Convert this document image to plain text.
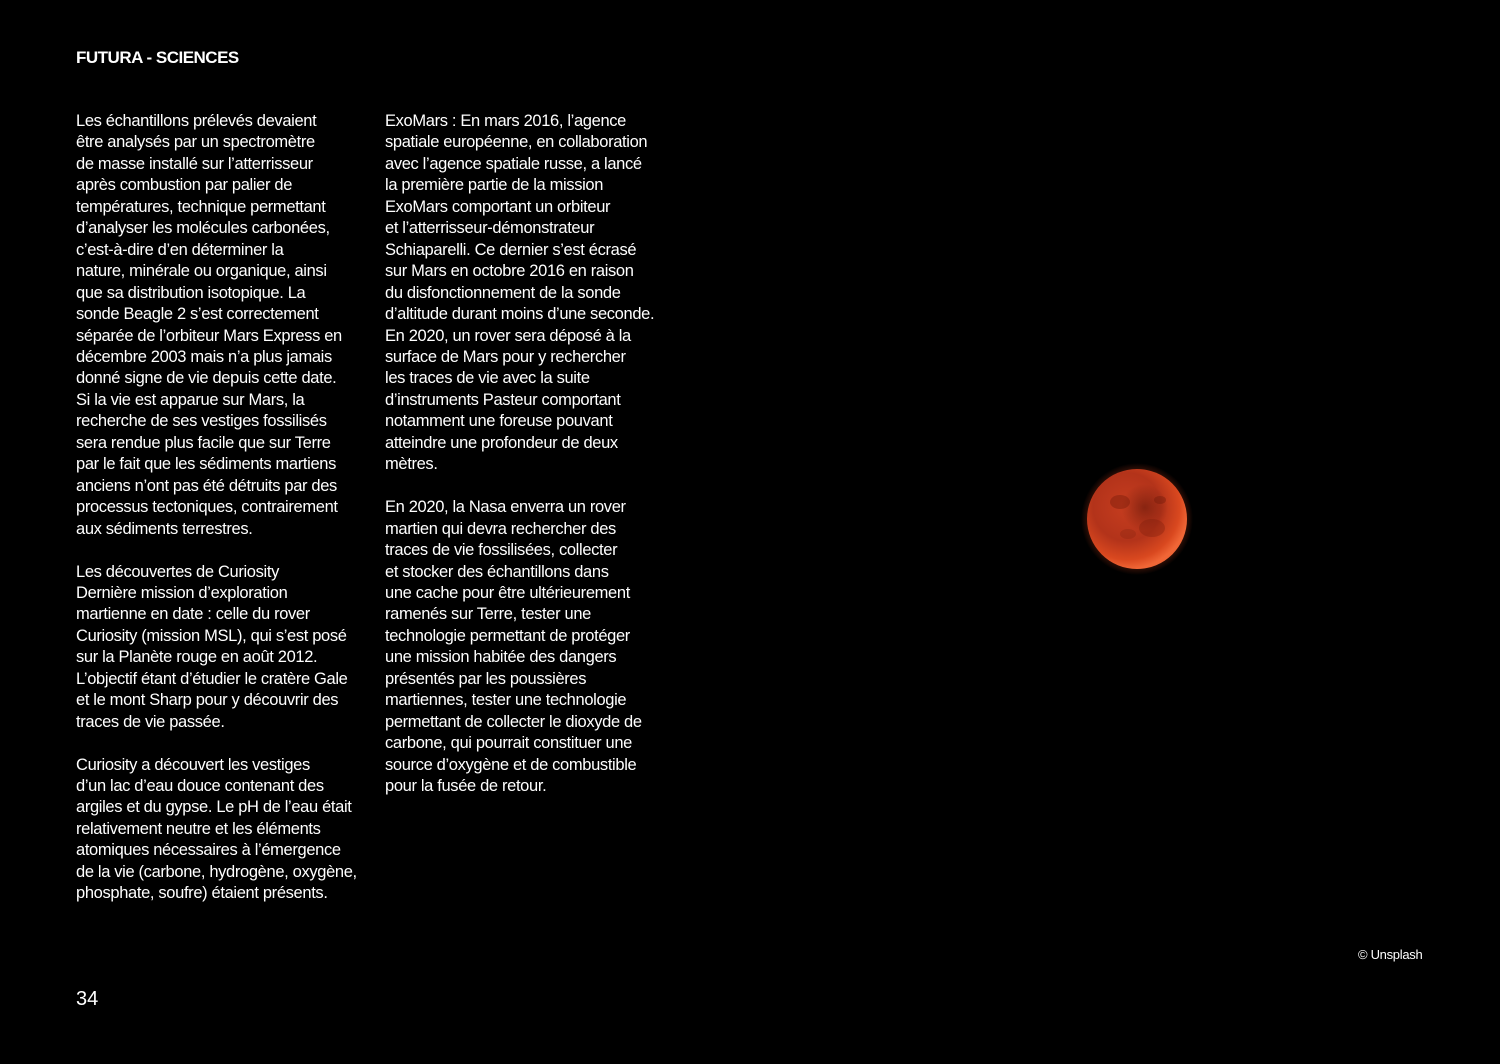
FUTURA - SCIENCES

Les échantillons prélevés devaient
être analysés par un spectromètre
de masse installé sur l’atterrisseur
après combustion par palier de
températures, technique permettant
d’analyser les molécules carbonées,
c’est-à-dire d’en déterminer la
nature, minérale ou organique, ainsi
que sa distribution isotopique. La
sonde Beagle 2 s’est correctement
séparée de l’orbiteur Mars Express en
décembre 2003 mais n’a plus jamais
donné signe de vie depuis cette date.
Si la vie est apparue sur Mars, la
recherche de ses vestiges fossilisés
sera rendue plus facile que sur Terre
par le fait que les sédiments martiens
anciens n’ont pas été détruits par des
processus tectoniques, contrairement
aux sédiments terrestres.

Les découvertes de Curiosity
Dernière mission d’exploration
martienne en date : celle du rover
Curiosity (mission MSL), qui s’est posé
sur la Planète rouge en août 2012.
L’objectif étant d’étudier le cratère Gale
et le mont Sharp pour y découvrir des
traces de vie passée.

Curiosity a découvert les vestiges
d’un lac d’eau douce contenant des
argiles et du gypse. Le pH de l’eau était
relativement neutre et les éléments
atomiques nécessaires à l’émergence
de la vie (carbone, hydrogène, oxygène,
phosphate, soufre) étaient présents.

ExoMars : En mars 2016, l’agence
spatiale européenne, en collaboration
avec l’agence spatiale russe, a lancé
la première partie de la mission
ExoMars comportant un orbiteur
et l’atterrisseur-démonstrateur
Schiaparelli. Ce dernier s’est écrasé
sur Mars en octobre 2016 en raison
du disfonctionnement de la sonde
d’altitude durant moins d’une seconde.
En 2020, un rover sera déposé à la
surface de Mars pour y rechercher
les traces de vie avec la suite
d’instruments Pasteur comportant
notamment une foreuse pouvant
atteindre une profondeur de deux
mètres.

En 2020, la Nasa enverra un rover
martien qui devra rechercher des
traces de vie fossilisées, collecter
et stocker des échantillons dans
une cache pour être ultérieurement
ramenés sur Terre, tester une
technologie permettant de protéger
une mission habitée des dangers
présentés par les poussières
martiennes, tester une technologie
permettant de collecter le dioxyde de
carbone, qui pourrait constituer une
source d’oxygène et de combustible
pour la fusée de retour.

© Unsplash
34
